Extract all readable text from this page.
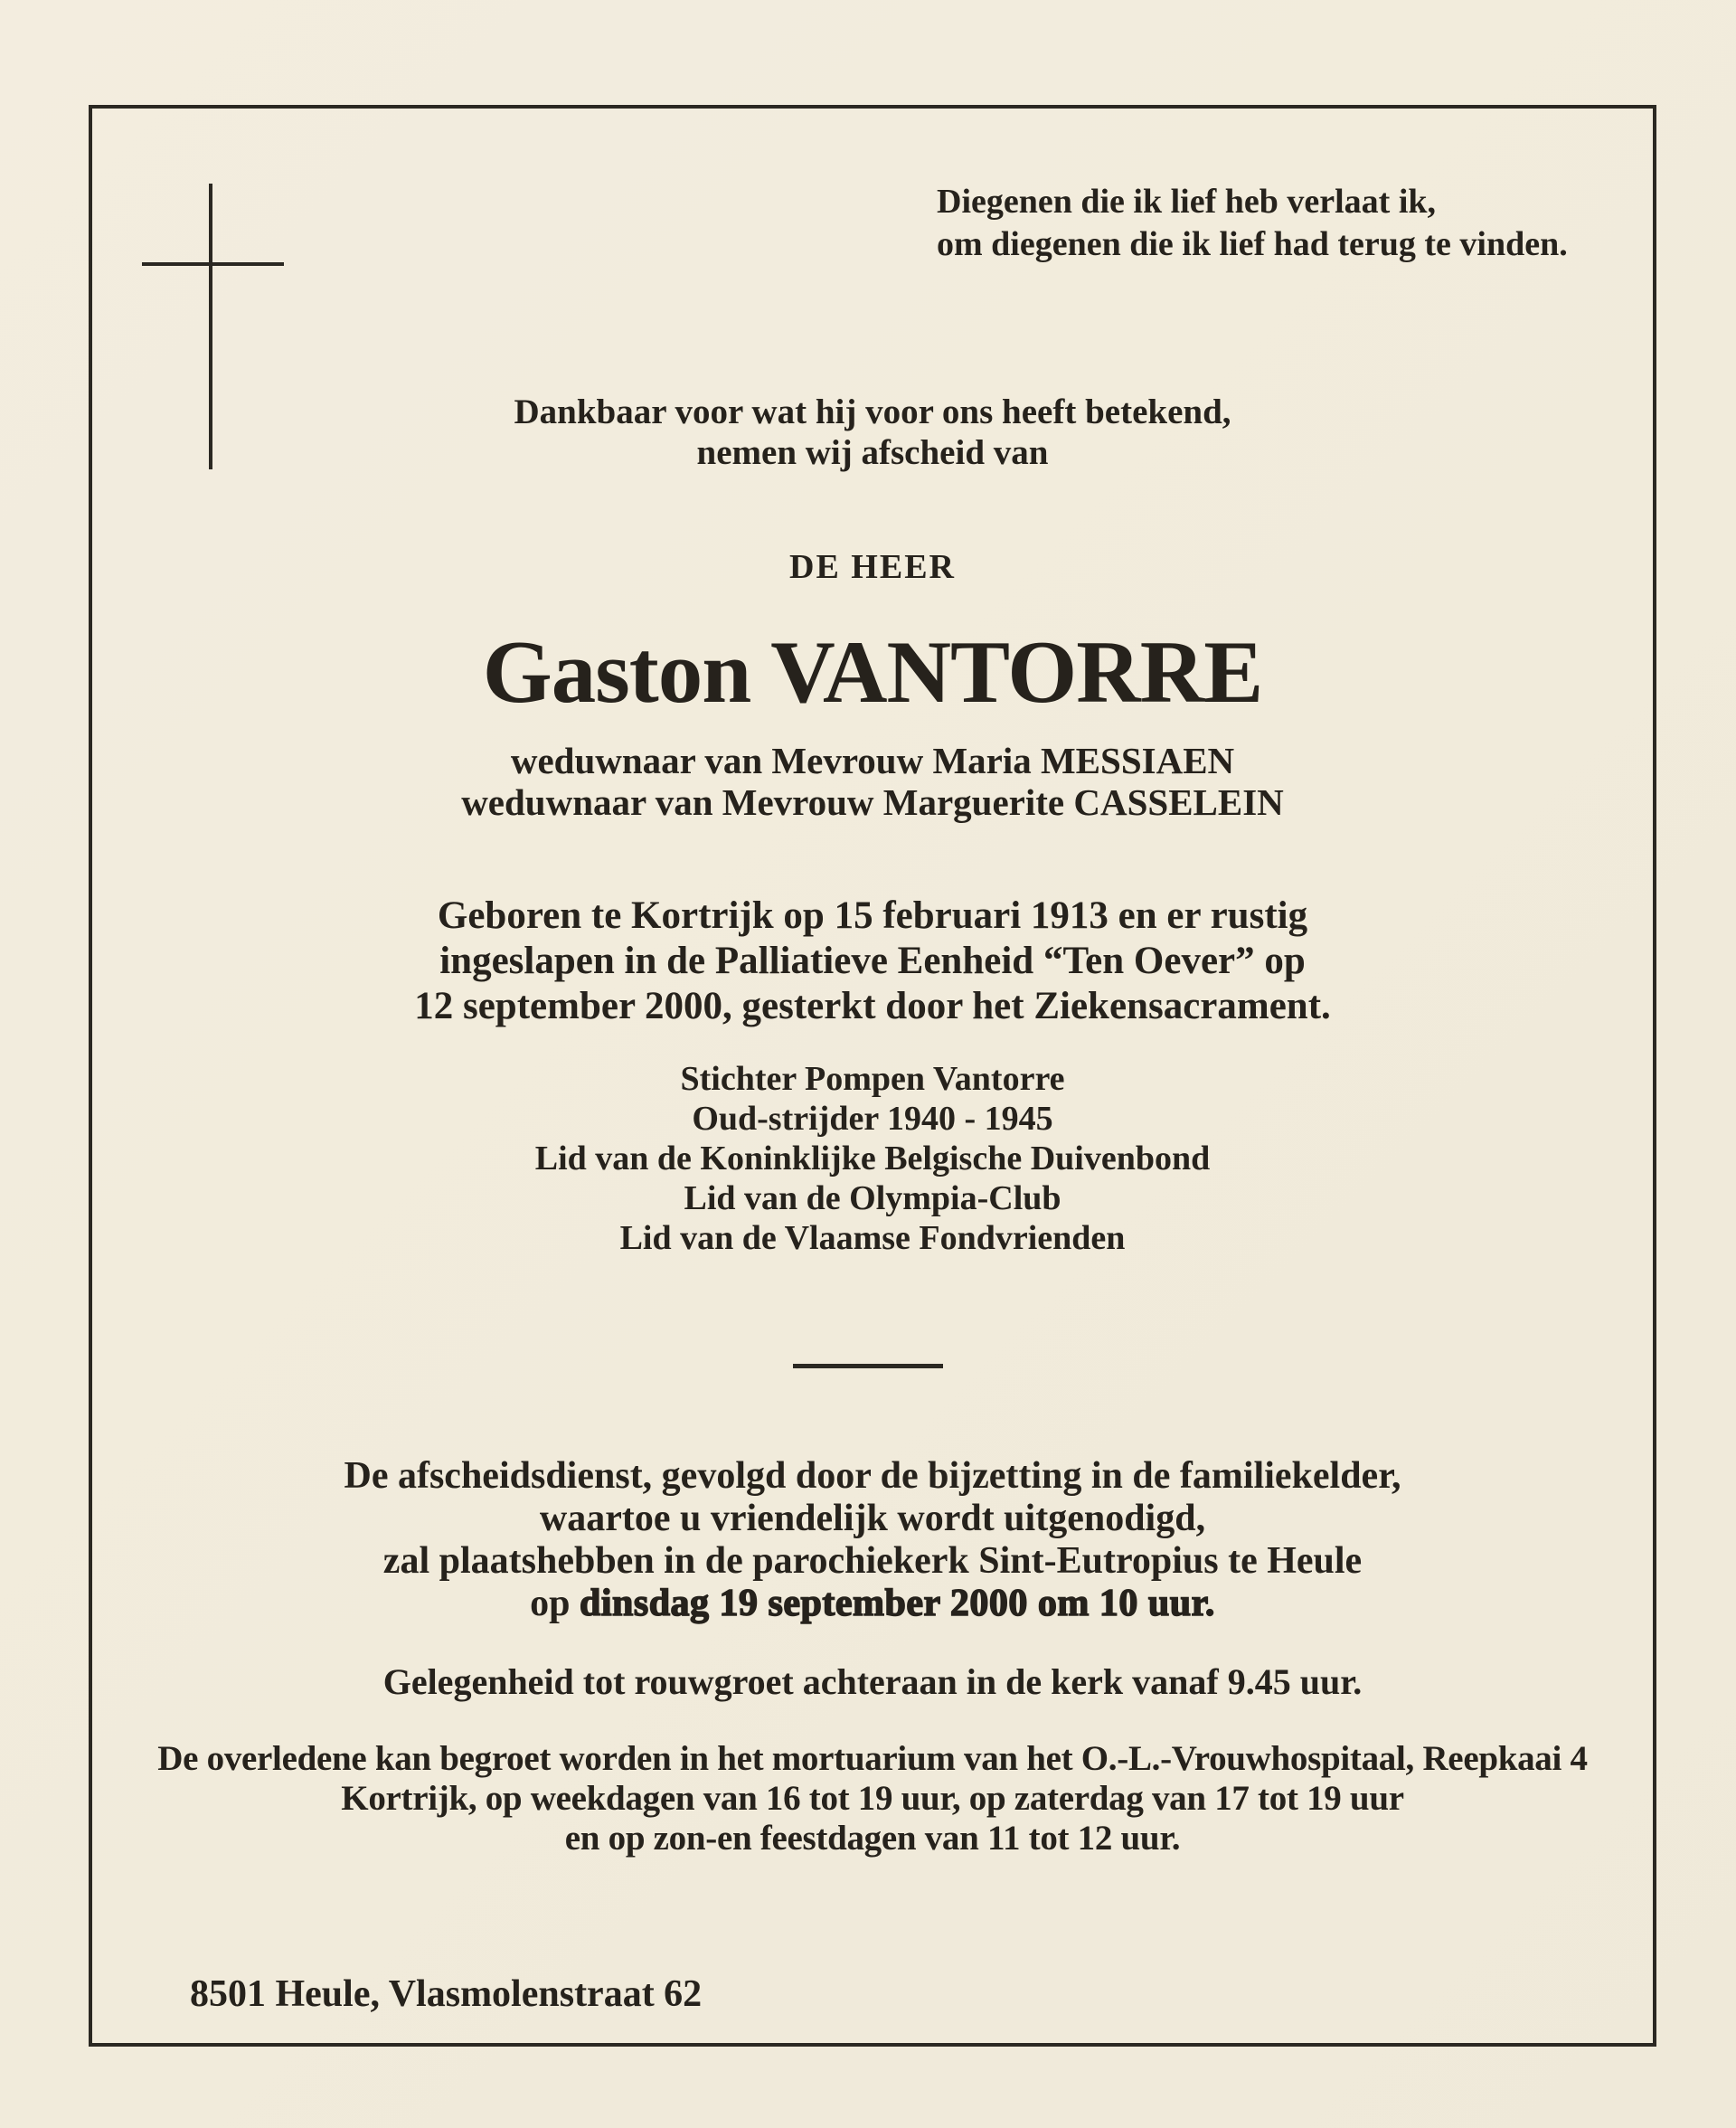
Diegenen die ik lief heb verlaat ik,
om diegenen die ik lief had terug te vinden.
Dankbaar voor wat hij voor ons heeft betekend,
nemen wij afscheid van
DE HEER
Gaston VANTORRE
weduwnaar van Mevrouw Maria MESSIAEN
weduwnaar van Mevrouw Marguerite CASSELEIN
Geboren te Kortrijk op 15 februari 1913 en er rustig
ingeslapen in de Palliatieve Eenheid “Ten Oever” op
12 september 2000, gesterkt door het Ziekensacrament.
Stichter Pompen Vantorre
Oud-strijder 1940 - 1945
Lid van de Koninklijke Belgische Duivenbond
Lid van de Olympia-Club
Lid van de Vlaamse Fondvrienden
De afscheidsdienst, gevolgd door de bijzetting in de familiekelder,
waartoe u vriendelijk wordt uitgenodigd,
zal plaatshebben in de parochiekerk Sint-Eutropius te Heule
op dinsdag 19 september 2000 om 10 uur.
Gelegenheid tot rouwgroet achteraan in de kerk vanaf 9.45 uur.
De overledene kan begroet worden in het mortuarium van het O.-L.-Vrouwhospitaal, Reepkaai 4
Kortrijk, op weekdagen van 16 tot 19 uur, op zaterdag van 17 tot 19 uur
en op zon-en feestdagen van 11 tot 12 uur.
8501 Heule, Vlasmolenstraat 62
